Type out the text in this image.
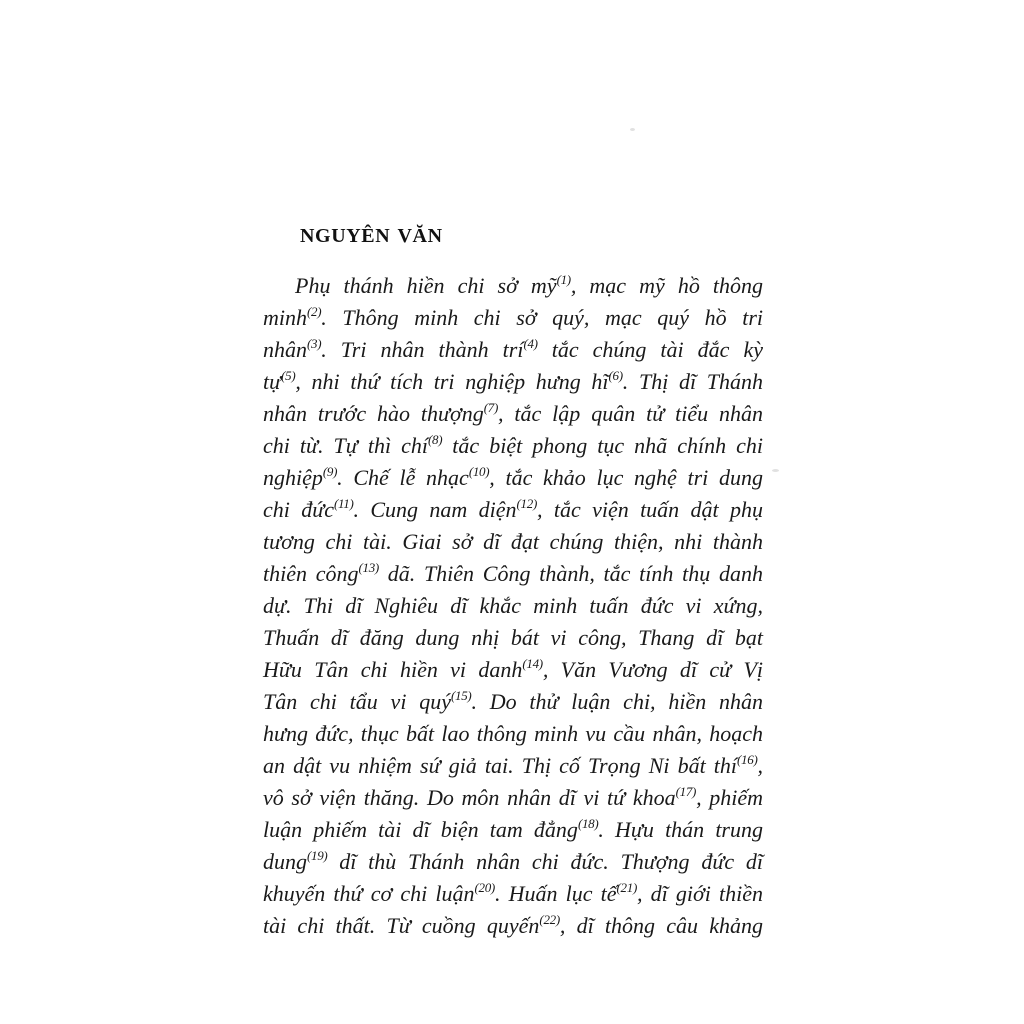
NGUYÊN VĂN
Phụ thánh hiền chi sở mỹ$^{(1)}$, mạc mỹ hồ thông
minh$^{(2)}$. Thông minh chi sở quý, mạc quý hồ tri
nhân$^{(3)}$. Tri nhân thành trí$^{(4)}$ tắc chúng tài đắc kỳ
tự$^{(5)}$, nhi thứ tích tri nghiệp hưng $hĩ^{(6)}$. Thị dĩ Thánh
nhân trước hào thượng$^{(7)}$, tắc lập quân tử tiểu nhân
chi từ. Tự thì chí$^{(8)}$ tắc biệt phong tục nhã chính chi
nghiệp$^{(9)}$. Chế lễ nhạc$^{(10)}$, tắc khảo lục nghệ tri dung
chi đức$^{(11)}$. Cung nam diện$^{(12)}$, tắc viện tuấn dật phụ
tương chi tài. Giai sở dĩ đạt chúng thiện, nhi thành
thiên công$^{(13)}$ dã. Thiên Công thành, tắc tính thụ danh
dự. Thi dĩ Nghiêu dĩ khắc minh tuấn đức vi xứng,
Thuấn dĩ đăng dung nhị bát vi công, Thang dĩ bạt
Hữu Tân chi hiền vi danh$^{(14)}$, Văn Vương dĩ cử Vị
Tân chi tẩu vi quý$^{(15)}$. Do thử luận chi, hiền nhân
hưng đức, thục bất lao thông minh vu cầu nhân, hoạch
an dật vu nhiệm sứ giả tai. Thị cố Trọng Ni bất thí$^{(16)}$,
vô sở viện thăng. Do môn nhân dĩ vi tứ khoa$^{(17)}$, phiếm
luận phiếm tài dĩ biện tam đẳng$^{(18)}$. Hựu thán trung
dung$^{(19)}$ dĩ thù Thánh nhân chi đức. Thượng đức dĩ
khuyến thứ cơ chi luận$^{(20)}$. Huấn lục tế$^{(21)}$, dĩ giới thiền
tài chi thất. Từ cuồng quyến$^{(22)}$, dĩ thông câu khảng
